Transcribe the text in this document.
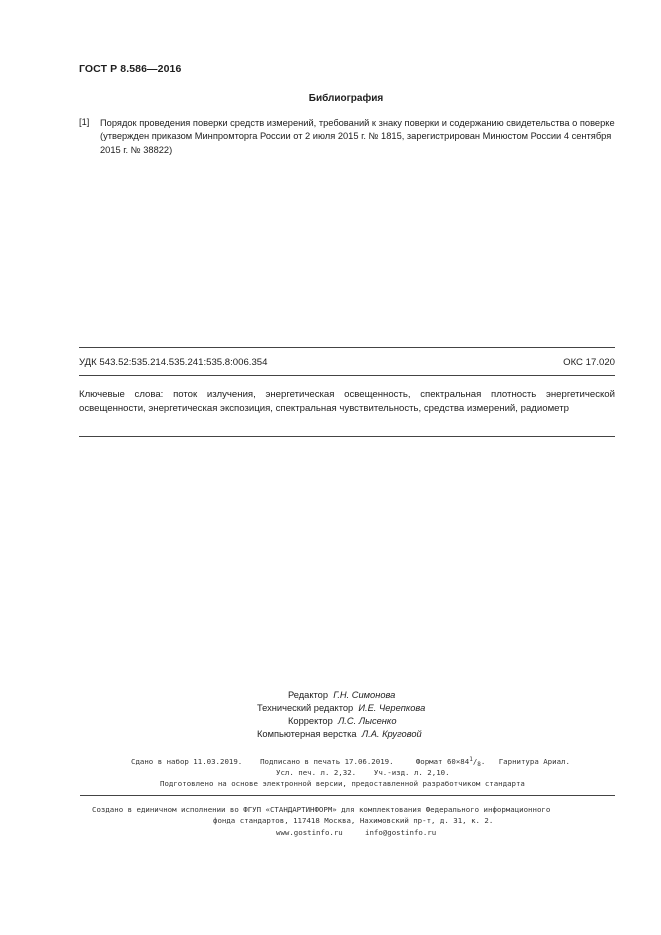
ГОСТ Р 8.586—2016
Библиография
[1] Порядок проведения поверки средств измерений, требований к знаку поверки и содержанию свидетельства о поверке (утвержден приказом Минпромторга России от 2 июля 2015 г. № 1815, зарегистрирован Минюстом России 4 сентября 2015 г. № 38822)
УДК 543.52:535.214.535.241:535.8:006.354	ОКС 17.020
Ключевые слова: поток излучения, энергетическая освещенность, спектральная плотность энергетической освещенности, энергетическая экспозиция, спектральная чувствительность, средства измерений, радиометр
Редактор Г.Н. Симонова
Технический редактор И.Е. Черепкова
Корректор Л.С. Лысенко
Компьютерная верстка Л.А. Круговой
Сдано в набор 11.03.2019. Подписано в печать 17.06.2019.	Формат $60\times 84^1/_8$.   Гарнитура Ариал.
Усл. печ. л. 2,32. Уч.-изд. л. 2,10.
Подготовлено на основе электронной версии, предоставленной разработчиком стандарта
Создано в единичном исполнении во ФГУП «СТАНДАРТИНФОРМ» для комплектования Федерального информационного
фонда стандартов, 117418 Москва, Нахимовский пр-т, д. 31, к. 2.
www.gostinfo.ru	info@gostinfo.ru
